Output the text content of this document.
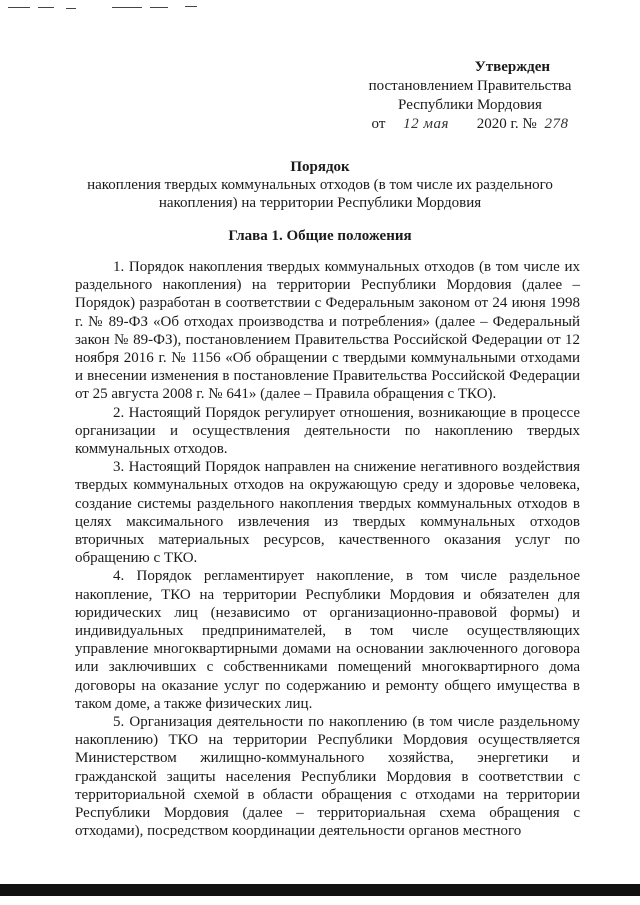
Утвержден
постановлением Правительства
Республики Мордовия
от 12 мая 2020 г. № 278
Порядок
накопления твердых коммунальных отходов (в том числе их раздельного
накопления) на территории Республики Мордовия
Глава 1. Общие положения

1. Порядок накопления твердых коммунальных отходов (в том числе их раздельного накопления) на территории Республики Мордовия (далее – Порядок) разработан в соответствии с Федеральным законом от 24 июня 1998 г. № 89-ФЗ «Об отходах производства и потребления» (далее – Федеральный закон № 89-ФЗ), постановлением Правительства Российской Федерации от 12 ноября 2016 г. № 1156 «Об обращении с твердыми коммунальными отходами и внесении изменения в постановление Правительства Российской Федерации от 25 августа 2008 г. № 641» (далее – Правила обращения с ТКО).

2. Настоящий Порядок регулирует отношения, возникающие в процессе организации и осуществления деятельности по накоплению твердых коммунальных отходов.

3. Настоящий Порядок направлен на снижение негативного воздействия твердых коммунальных отходов на окружающую среду и здоровье человека, создание системы раздельного накопления твердых коммунальных отходов в целях максимального извлечения из твердых коммунальных отходов вторичных материальных ресурсов, качественного оказания услуг по обращению с ТКО.

4. Порядок регламентирует накопление, в том числе раздельное накопление, ТКО на территории Республики Мордовия и обязателен для юридических лиц (независимо от организационно-правовой формы) и индивидуальных предпринимателей, в том числе осуществляющих управление многоквартирными домами на основании заключенного договора или заключивших с собственниками помещений многоквартирного дома договоры на оказание услуг по содержанию и ремонту общего имущества в таком доме, а также физических лиц.

5. Организация деятельности по накоплению (в том числе раздельному накоплению) ТКО на территории Республики Мордовия осуществляется Министерством жилищно-коммунального хозяйства, энергетики и гражданской защиты населения Республики Мордовия в соответствии с территориальной схемой в области обращения с отходами на территории Республики Мордовия (далее – территориальная схема обращения с отходами), посредством координации деятельности органов местного
